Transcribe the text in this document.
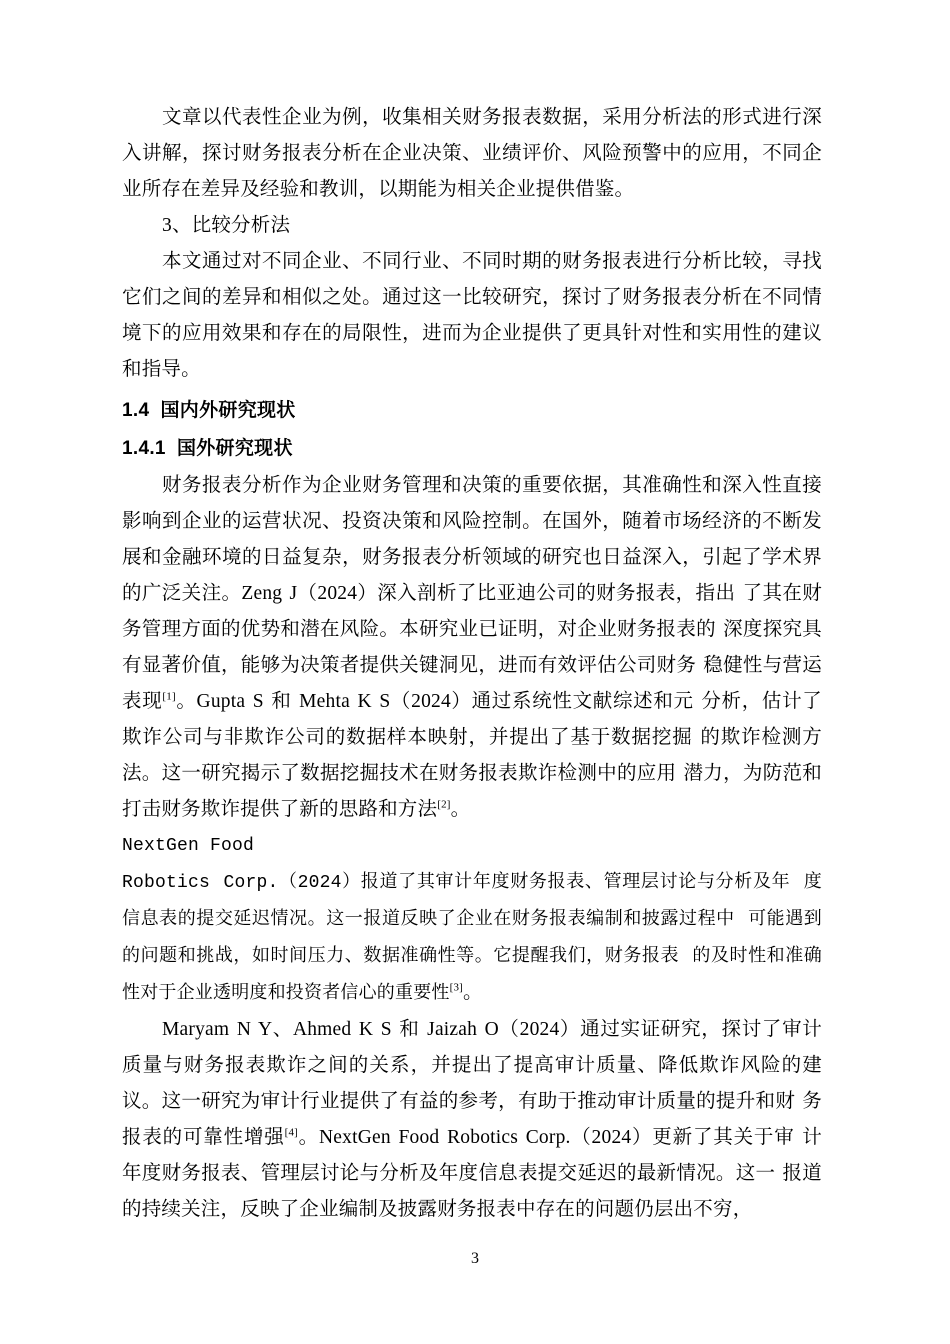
文章以代表性企业为例，收集相关财务报表数据，采用分析法的形式进行深入讲解，探讨财务报表分析在企业决策、业绩评价、风险预警中的应用，不同企业所存在差异及经验和教训，以期能为相关企业提供借鉴。

3、比较分析法

本文通过对不同企业、不同行业、不同时期的财务报表进行分析比较，寻找它们之间的差异和相似之处。通过这一比较研究，探讨了财务报表分析在不同情境下的应用效果和存在的局限性，进而为企业提供了更具针对性和实用性的建议和指导。

1.4 国内外研究现状
1.4.1 国外研究现状

财务报表分析作为企业财务管理和决策的重要依据，其准确性和深入性直接影响到企业的运营状况、投资决策和风险控制。在国外，随着市场经济的不断发展和金融环境的日益复杂，财务报表分析领域的研究也日益深入，引起了学术界的广泛关注。Zeng J（2024）深入剖析了比亚迪公司的财务报表，指出 了其在财务管理方面的优势和潜在风险。本研究业已证明，对企业财务报表的 深度探究具有显著价值，能够为决策者提供关键洞见，进而有效评估公司财务 稳健性与营运表现[1]。Gupta S 和 Mehta K S（2024）通过系统性文献综述和元 分析，估计了欺诈公司与非欺诈公司的数据样本映射，并提出了基于数据挖掘 的欺诈检测方法。这一研究揭示了数据挖掘技术在财务报表欺诈检测中的应用 潜力，为防范和打击财务欺诈提供了新的思路和方法[2]。

NextGen Food

Robotics Corp.（2024）报道了其审计年度财务报表、管理层讨论与分析及年 度信息表的提交延迟情况。这一报道反映了企业在财务报表编制和披露过程中 可能遇到的问题和挑战，如时间压力、数据准确性等。它提醒我们，财务报表 的及时性和准确性对于企业透明度和投资者信心的重要性[3]。

Maryam N Y、Ahmed K S 和 Jaizah O（2024）通过实证研究，探讨了审计 质量与财务报表欺诈之间的关系，并提出了提高审计质量、降低欺诈风险的建 议。这一研究为审计行业提供了有益的参考，有助于推动审计质量的提升和财 务报表的可靠性增强[4]。NextGen Food Robotics Corp.（2024）更新了其关于审 计年度财务报表、管理层讨论与分析及年度信息表提交延迟的最新情况。这一 报道的持续关注，反映了企业编制及披露财务报表中存在的问题仍层出不穷，

3
